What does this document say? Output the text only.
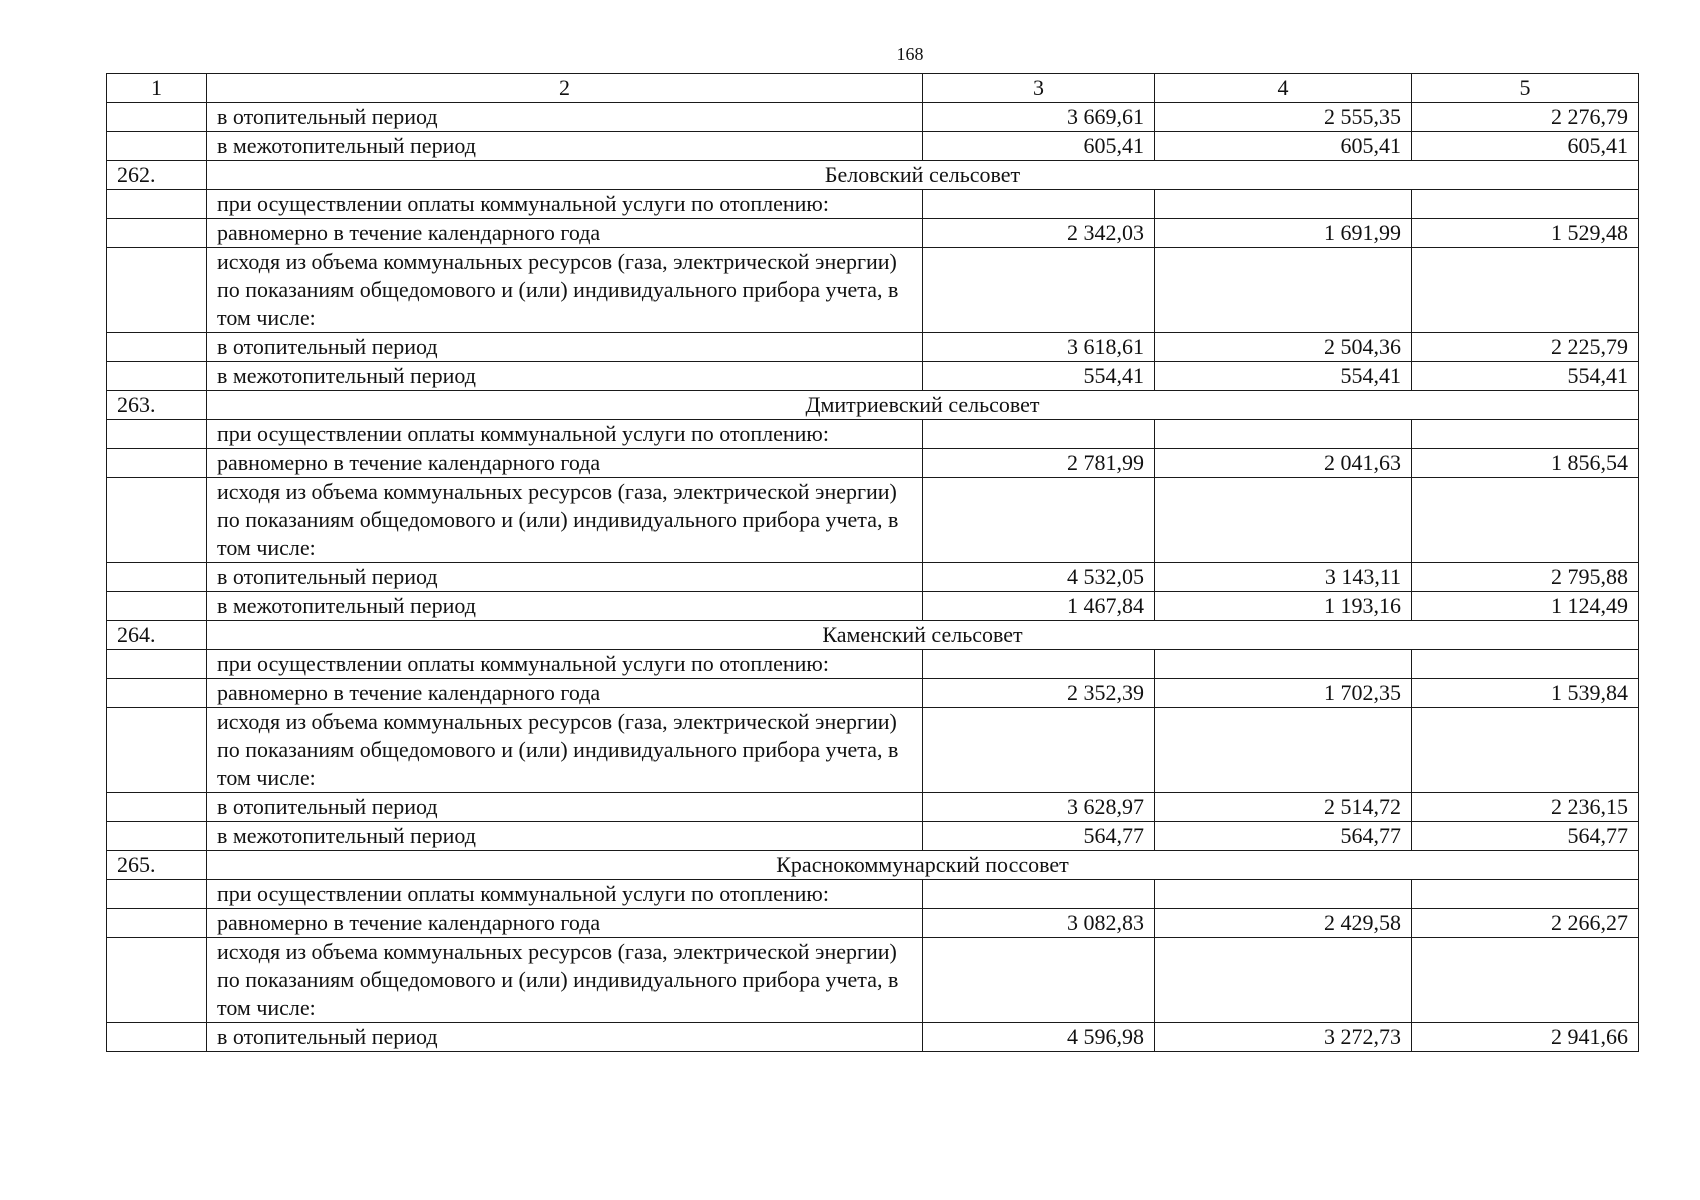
168
1	2	3	4	5
	в отопительный период	3 669,61	2 555,35	2 276,79
	в межотопительный период	605,41	605,41	605,41
262.	Беловский сельсовет			
	при осуществлении оплаты коммунальной услуги по отоплению:			
	равномерно в течение календарного года	2 342,03	1 691,99	1 529,48
	исходя из объема коммунальных ресурсов (газа, электрической энергии) по показаниям общедомового и (или) индивидуального прибора учета, в том числе:			
	в отопительный период	3 618,61	2 504,36	2 225,79
	в межотопительный период	554,41	554,41	554,41
263.	Дмитриевский сельсовет			
	при осуществлении оплаты коммунальной услуги по отоплению:			
	равномерно в течение календарного года	2 781,99	2 041,63	1 856,54
	исходя из объема коммунальных ресурсов (газа, электрической энергии) по показаниям общедомового и (или) индивидуального прибора учета, в том числе:			
	в отопительный период	4 532,05	3 143,11	2 795,88
	в межотопительный период	1 467,84	1 193,16	1 124,49
264.	Каменский сельсовет			
	при осуществлении оплаты коммунальной услуги по отоплению:			
	равномерно в течение календарного года	2 352,39	1 702,35	1 539,84
	исходя из объема коммунальных ресурсов (газа, электрической энергии) по показаниям общедомового и (или) индивидуального прибора учета, в том числе:			
	в отопительный период	3 628,97	2 514,72	2 236,15
	в межотопительный период	564,77	564,77	564,77
265.	Краснокоммунарский поссовет			
	при осуществлении оплаты коммунальной услуги по отоплению:			
	равномерно в течение календарного года	3 082,83	2 429,58	2 266,27
	исходя из объема коммунальных ресурсов (газа, электрической энергии) по показаниям общедомового и (или) индивидуального прибора учета, в том числе:			
	в отопительный период	4 596,98	3 272,73	2 941,66
